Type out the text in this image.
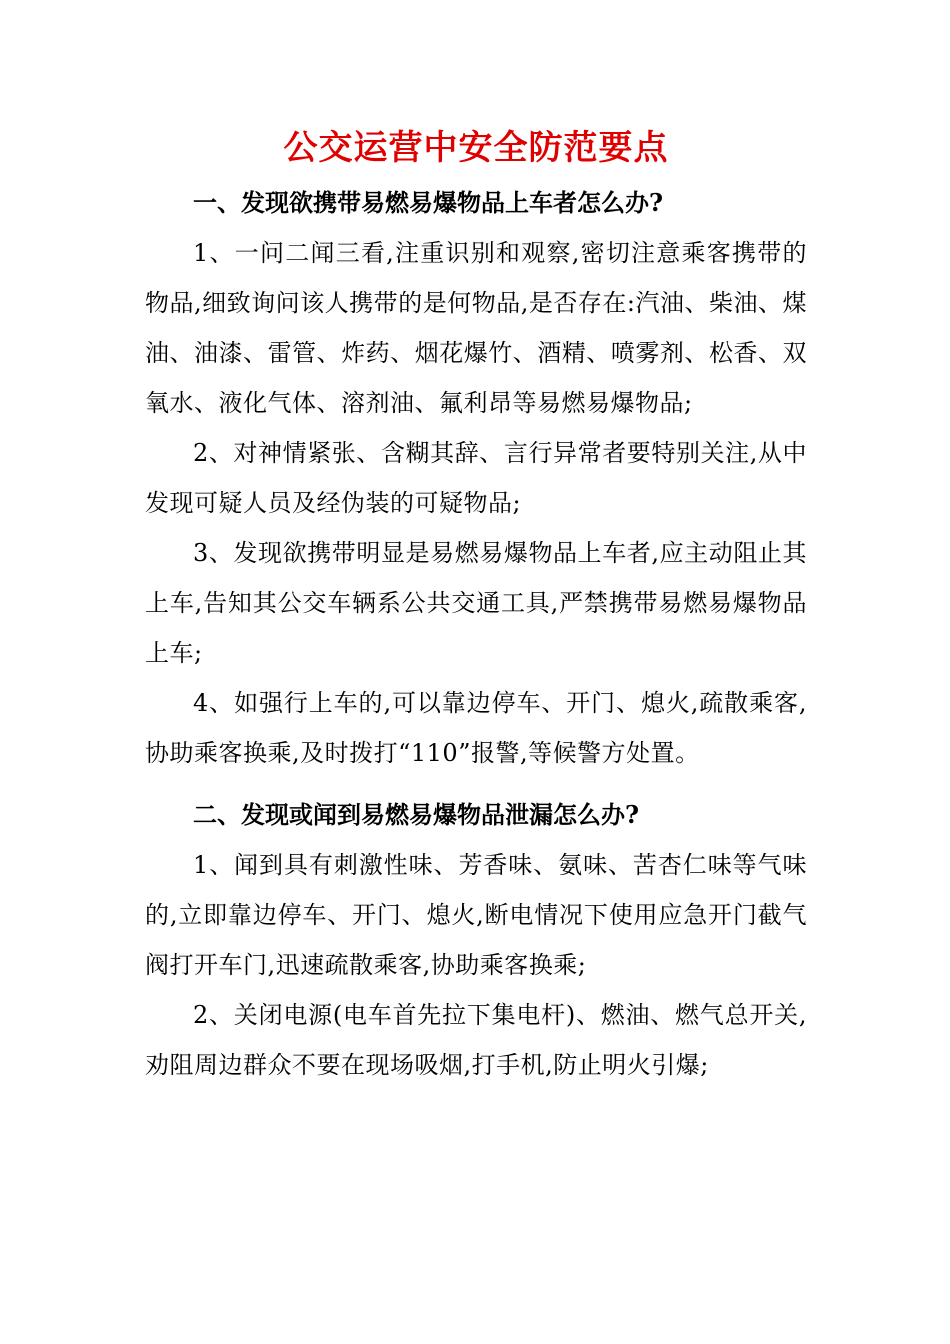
公交运营中安全防范要点

一、发现欲携带易燃易爆物品上车者怎么办?

1、一问二闻三看,注重识别和观察,密切注意乘客携带的物品,细致询问该人携带的是何物品,是否存在:汽油、柴油、煤油、油漆、雷管、炸药、烟花爆竹、酒精、喷雾剂、松香、双氧水、液化气体、溶剂油、氟利昂等易燃易爆物品;

2、对神情紧张、含糊其辞、言行异常者要特别关注,从中发现可疑人员及经伪装的可疑物品;

3、发现欲携带明显是易燃易爆物品上车者,应主动阻止其上车,告知其公交车辆系公共交通工具,严禁携带易燃易爆物品上车;

4、如强行上车的,可以靠边停车、开门、熄火,疏散乘客,协助乘客换乘,及时拨打“110”报警,等候警方处置。

二、发现或闻到易燃易爆物品泄漏怎么办?

1、闻到具有刺激性味、芳香味、氨味、苦杏仁味等气味的,立即靠边停车、开门、熄火,断电情况下使用应急开门截气阀打开车门,迅速疏散乘客,协助乘客换乘;

2、关闭电源(电车首先拉下集电杆)、燃油、燃气总开关,劝阻周边群众不要在现场吸烟,打手机,防止明火引爆;
